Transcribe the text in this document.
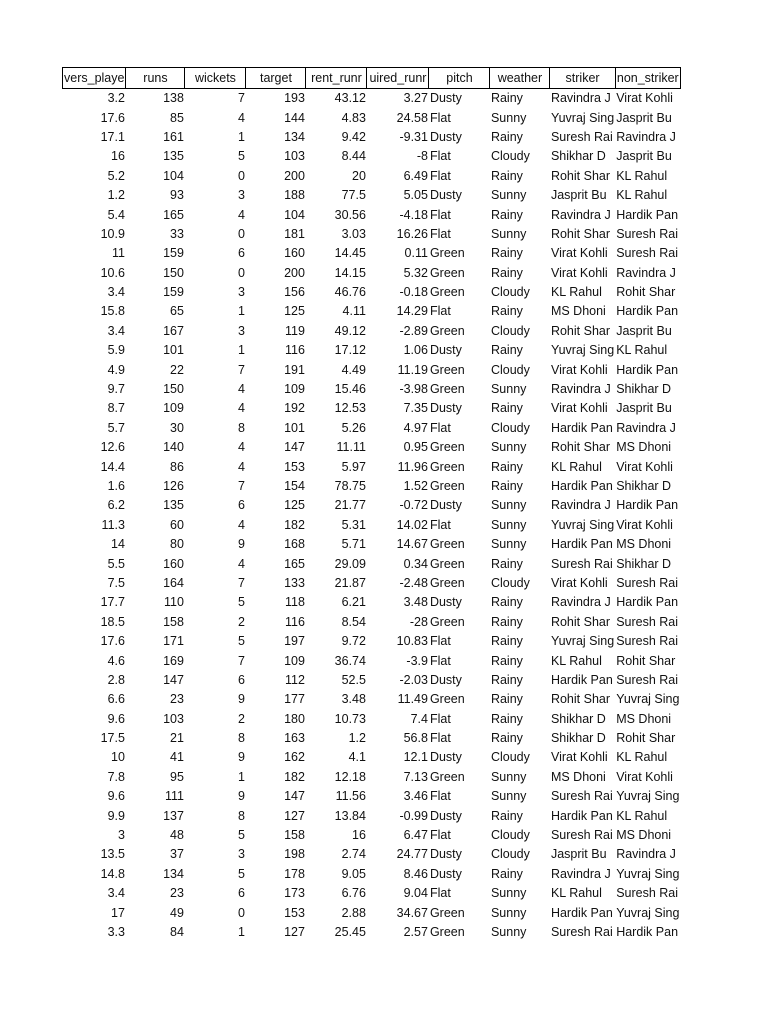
vers_playe	runs	wickets	target	rent_runr	uired_runr	pitch	weather	striker	non_striker

3.2	138	7	193	43.12	3.27	Dusty	Rainy	Ravindra J	Virat Kohli
17.6	85	4	144	4.83	24.58	Flat	Sunny	Yuvraj Sing	Jasprit Bu
17.1	161	1	134	9.42	-9.31	Dusty	Rainy	Suresh Rai	Ravindra J
16	135	5	103	8.44	-8	Flat	Cloudy	Shikhar D	Jasprit Bu
5.2	104	0	200	20	6.49	Flat	Rainy	Rohit Shar	KL Rahul
1.2	93	3	188	77.5	5.05	Dusty	Sunny	Jasprit Bu	KL Rahul
5.4	165	4	104	30.56	-4.18	Flat	Rainy	Ravindra J	Hardik Pan
10.9	33	0	181	3.03	16.26	Flat	Sunny	Rohit Shar	Suresh Rai
11	159	6	160	14.45	0.11	Green	Rainy	Virat Kohli	Suresh Rai
10.6	150	0	200	14.15	5.32	Green	Rainy	Virat Kohli	Ravindra J
3.4	159	3	156	46.76	-0.18	Green	Cloudy	KL Rahul	Rohit Shar
15.8	65	1	125	4.11	14.29	Flat	Rainy	MS Dhoni	Hardik Pan
3.4	167	3	119	49.12	-2.89	Green	Cloudy	Rohit Shar	Jasprit Bu
5.9	101	1	116	17.12	1.06	Dusty	Rainy	Yuvraj Sing	KL Rahul
4.9	22	7	191	4.49	11.19	Green	Cloudy	Virat Kohli	Hardik Pan
9.7	150	4	109	15.46	-3.98	Green	Sunny	Ravindra J	Shikhar D
8.7	109	4	192	12.53	7.35	Dusty	Rainy	Virat Kohli	Jasprit Bu
5.7	30	8	101	5.26	4.97	Flat	Cloudy	Hardik Pan	Ravindra J
12.6	140	4	147	11.11	0.95	Green	Sunny	Rohit Shar	MS Dhoni
14.4	86	4	153	5.97	11.96	Green	Rainy	KL Rahul	Virat Kohli
1.6	126	7	154	78.75	1.52	Green	Rainy	Hardik Pan	Shikhar D
6.2	135	6	125	21.77	-0.72	Dusty	Sunny	Ravindra J	Hardik Pan
11.3	60	4	182	5.31	14.02	Flat	Sunny	Yuvraj Sing	Virat Kohli
14	80	9	168	5.71	14.67	Green	Sunny	Hardik Pan	MS Dhoni
5.5	160	4	165	29.09	0.34	Green	Rainy	Suresh Rai	Shikhar D
7.5	164	7	133	21.87	-2.48	Green	Cloudy	Virat Kohli	Suresh Rai
17.7	110	5	118	6.21	3.48	Dusty	Rainy	Ravindra J	Hardik Pan
18.5	158	2	116	8.54	-28	Green	Rainy	Rohit Shar	Suresh Rai
17.6	171	5	197	9.72	10.83	Flat	Rainy	Yuvraj Sing	Suresh Rai
4.6	169	7	109	36.74	-3.9	Flat	Rainy	KL Rahul	Rohit Shar
2.8	147	6	112	52.5	-2.03	Dusty	Rainy	Hardik Pan	Suresh Rai
6.6	23	9	177	3.48	11.49	Green	Rainy	Rohit Shar	Yuvraj Sing
9.6	103	2	180	10.73	7.4	Flat	Rainy	Shikhar D	MS Dhoni
17.5	21	8	163	1.2	56.8	Flat	Rainy	Shikhar D	Rohit Shar
10	41	9	162	4.1	12.1	Dusty	Cloudy	Virat Kohli	KL Rahul
7.8	95	1	182	12.18	7.13	Green	Sunny	MS Dhoni	Virat Kohli
9.6	111	9	147	11.56	3.46	Flat	Sunny	Suresh Rai	Yuvraj Sing
9.9	137	8	127	13.84	-0.99	Dusty	Rainy	Hardik Pan	KL Rahul
3	48	5	158	16	6.47	Flat	Cloudy	Suresh Rai	MS Dhoni
13.5	37	3	198	2.74	24.77	Dusty	Cloudy	Jasprit Bu	Ravindra J
14.8	134	5	178	9.05	8.46	Dusty	Rainy	Ravindra J	Yuvraj Sing
3.4	23	6	173	6.76	9.04	Flat	Sunny	KL Rahul	Suresh Rai
17	49	0	153	2.88	34.67	Green	Sunny	Hardik Pan	Yuvraj Sing
3.3	84	1	127	25.45	2.57	Green	Sunny	Suresh Rai	Hardik Pan
